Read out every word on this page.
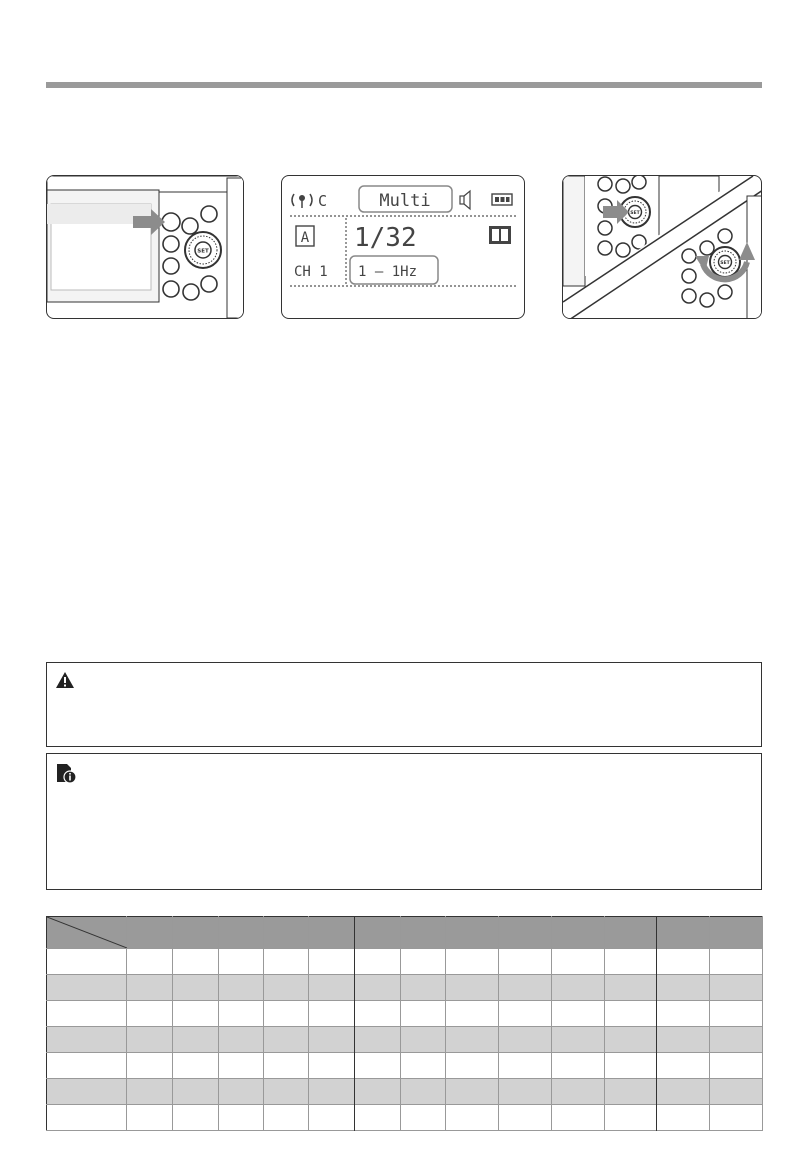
SET
C	Multi
A 1/32
CH 1 1 – 1Hz
SET
SET
